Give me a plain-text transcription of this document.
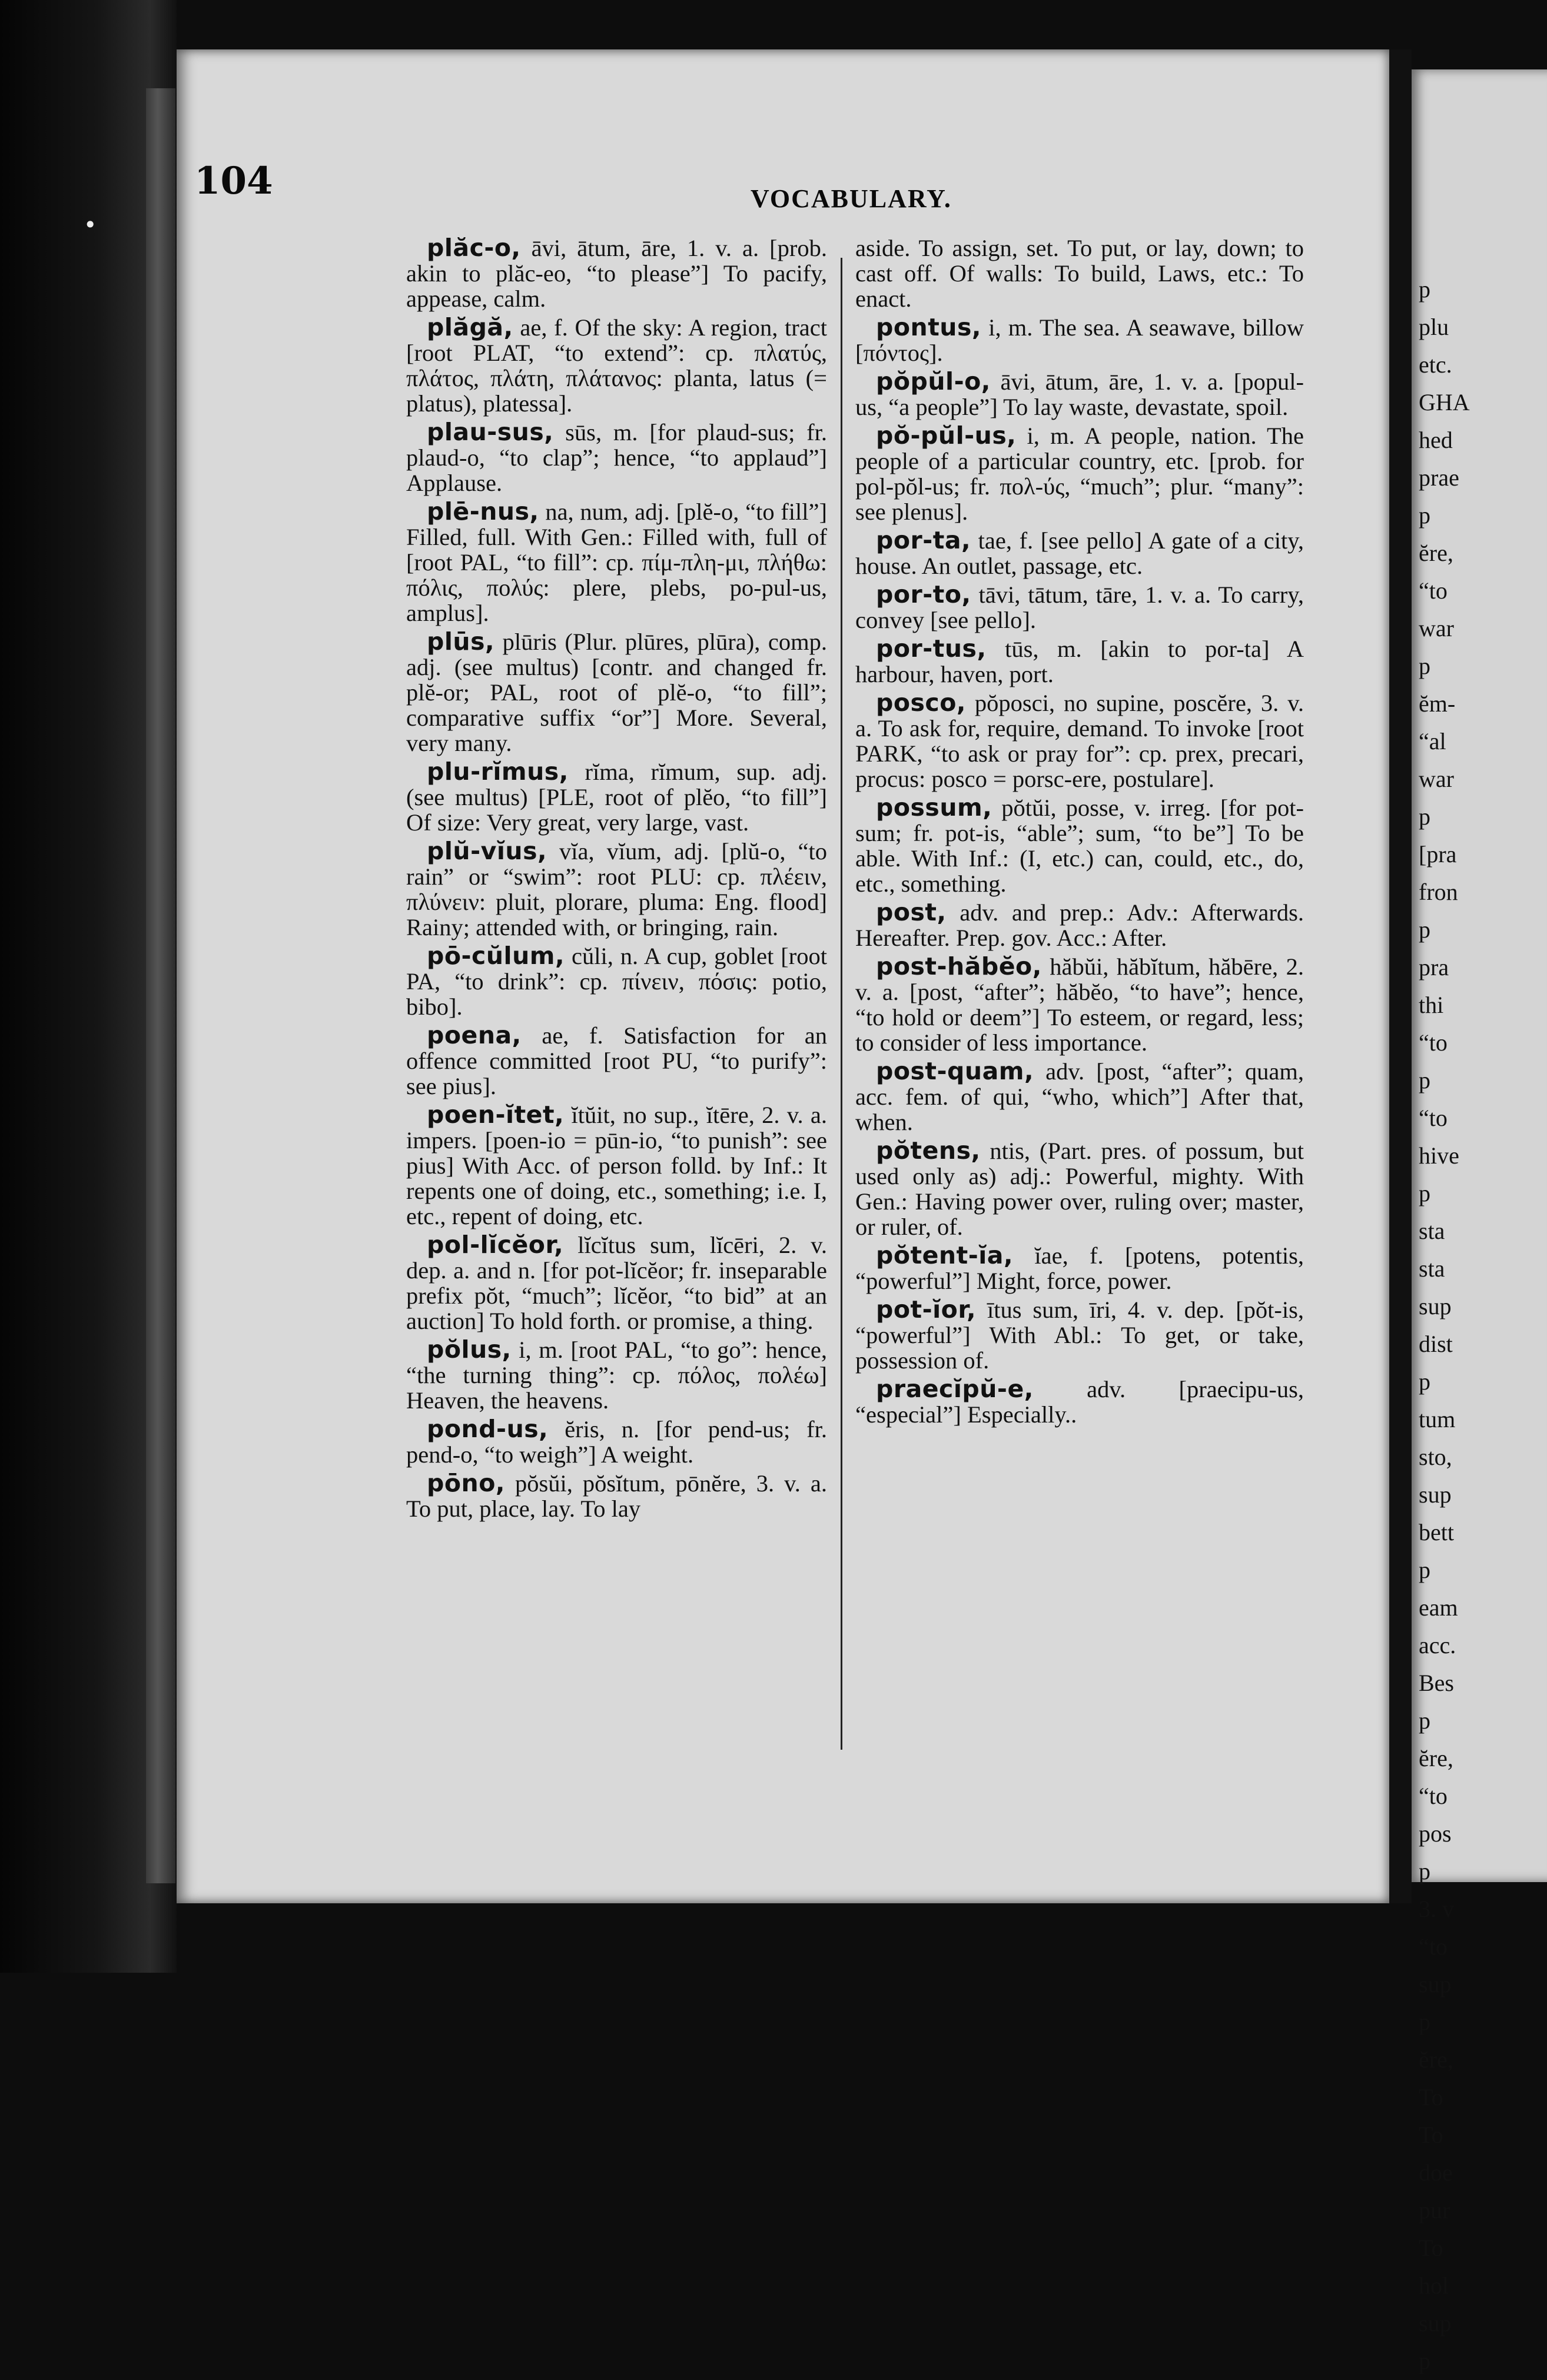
•
104	VOCABULARY.

plăc-o, āvi, ātum, āre, 1. v. a. [prob. akin to plăc-eo, “to please”] To pacify, appease, calm.

plăgă, ae, f. Of the sky: A region, tract [root PLAT, “to extend”: cp. πλατύς, πλάτος, πλάτη, πλάτανος: planta, latus (= platus), platessa].

plau-sus, sūs, m. [for plaud-sus; fr. plaud-o, “to clap”; hence, “to applaud”] Applause.

plē-nus, na, num, adj. [plĕ-o, “to fill”] Filled, full. With Gen.: Filled with, full of [root PAL, “to fill”: cp. πίμ-πλη-μι, πλήθω: πόλις, πολύς: plere, plebs, po-pul-us, amplus].

plūs, plūris (Plur. plūres, plūra), comp. adj. (see multus) [contr. and changed fr. plĕ-or; PAL, root of plĕ-o, “to fill”; comparative suffix “or”] More. Several, very many.

plu-rĭmus, rĭma, rĭmum, sup. adj. (see multus) [PLE, root of plĕo, “to fill”] Of size: Very great, very large, vast.

plŭ-vĭus, vĭa, vĭum, adj. [plŭ-o, “to rain” or “swim”: root PLU: cp. πλέειν, πλύνειν: pluit, plorare, pluma: Eng. flood] Rainy; attended with, or bringing, rain.

pō-cŭlum, cŭli, n. A cup, goblet [root PA, “to drink”: cp. πίνειν, πόσις: potio, bibo].

poena, ae, f. Satisfaction for an offence committed [root PU, “to purify”: see pius].

poen-ĭtet, ĭtŭit, no sup., ĭtēre, 2. v. a. impers. [poen-io = pūn-io, “to punish”: see pius] With Acc. of person folld. by Inf.: It repents one of doing, etc., something; i.e. I, etc., repent of doing, etc.

pol-lĭcĕor, lĭcĭtus sum, lĭcēri, 2. v. dep. a. and n. [for pot-lĭcĕor; fr. inseparable prefix pŏt, “much”; lĭcĕor, “to bid” at an auction] To hold forth. or promise, a thing.

pŏlus, i, m. [root PAL, “to go”: hence, “the turning thing”: cp. πόλος, πολέω] Heaven, the heavens.

pond-us, ĕris, n. [for pend-us; fr. pend-o, “to weigh”] A weight.

pōno, pŏsŭi, pŏsĭtum, pōnĕre, 3. v. a. To put, place, lay. To lay

aside. To assign, set. To put, or lay, down; to cast off. Of walls: To build, Laws, etc.: To enact.

pontus, i, m. The sea. A seawave, billow [πόντος].

pŏpŭl-o, āvi, ātum, āre, 1. v. a. [popul-us, “a people”] To lay waste, devastate, spoil.

pŏ-pŭl-us, i, m. A people, nation. The people of a particular country, etc. [prob. for pol-pŏl-us; fr. πολ-ύς, “much”; plur. “many”: see plenus].

por-ta, tae, f. [see pello] A gate of a city, house. An outlet, passage, etc.

por-to, tāvi, tātum, tāre, 1. v. a. To carry, convey [see pello].

por-tus, tūs, m. [akin to por-ta] A harbour, haven, port.

posco, pŏposci, no supine, poscĕre, 3. v. a. To ask for, require, demand. To invoke [root PARK, “to ask or pray for”: cp. prex, precari, procus: posco = porsc-ere, postulare].

possum, pŏtŭi, posse, v. irreg. [for pot-sum; fr. pot-is, “able”; sum, “to be”] To be able. With Inf.: (I, etc.) can, could, etc., do, etc., something.

post, adv. and prep.: Adv.: Afterwards. Hereafter. Prep. gov. Acc.: After.

post-hăbĕo, hăbŭi, hăbĭtum, hăbēre, 2. v. a. [post, “after”; hăbĕo, “to have”; hence, “to hold or deem”] To esteem, or regard, less; to consider of less importance.

post-quam, adv. [post, “after”; quam, acc. fem. of qui, “who, which”] After that, when.

pŏtens, ntis, (Part. pres. of possum, but used only as) adj.: Powerful, mighty. With Gen.: Having power over, ruling over; master, or ruler, of.

pŏtent-ĭa, ĭae, f. [potens, potentis, “powerful”] Might, force, power.

pot-ĭor, ītus sum, īri, 4. v. dep. [pŏt-is, “powerful”] With Abl.: To get, or take, possession of.

praecĭpŭ-e, adv. [praecipu-us, “especial”] Especially..

p
plu
etc.
GHA
hed
prae
p
ĕre,
“to
war
p
ĕm-
“al
war
p
[pra
fron
p
pra
thi
“to
p
“to
hive
p
sta
sta
sup
dist
p
tum
sto,
sup
bett
p
eam
acc.
Bes
p
ĕre,
“to
pos
p
3. v
“to
sup
p
ĕre,
To
To
doe
pur
To
hol
sup
p
